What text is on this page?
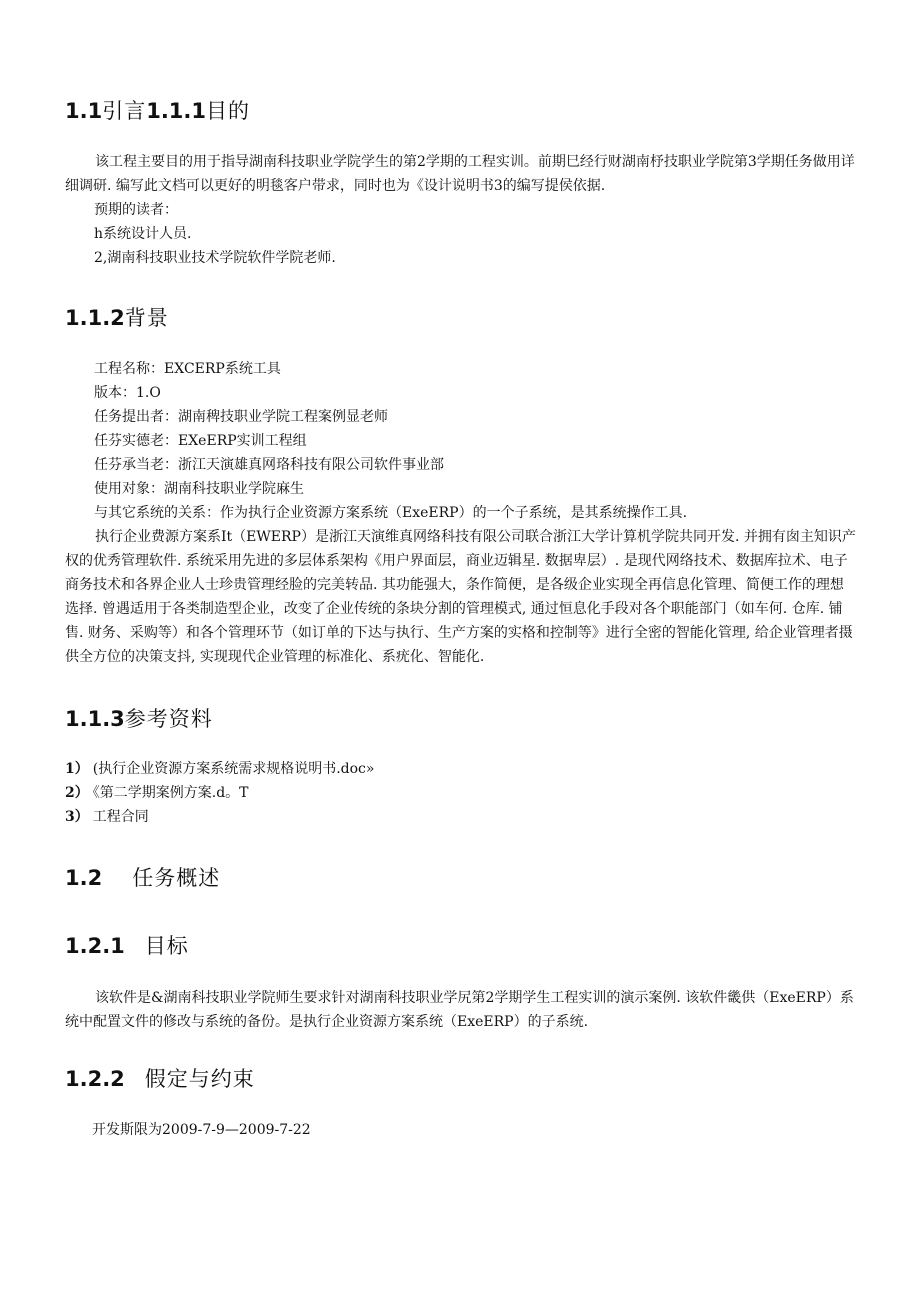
1.1引言1.1.1目的

该工程主要目的用于指导湖南科技职业学院学生的第2学期的工程实训。前期巳经行财湖南杼技职业学院第3学期任务做用详细调研. 编写此文档可以更好的明毯客户带求，同时也为《设计说明书3的编写提侯依据.

预期的读者：

h系统设计人员.

2,湖南科技职业技术学院软件学院老师.

1.1.2背景

工程名称：EXCERP系统工具

版本：1.O

任务提出者：湖南稗技职业学院工程案例显老师

任芬实德老：EXeERP实训工程组

任芬承当老：浙江天演雄真网珞科技有限公司软件事业部

使用对象：湖南科技职业学院麻生

与其它系统的关系：作为执行企业资源方案系统（ExeERP）的一个子系统，是其系统操作工具.

执行企业费源方案系It（EWERP）是浙江天演维真网络科技有限公司联合浙江大学计算机学院共同开发. 并拥有囱主知识产权的优秀管理软件. 系统采用先进的多层体系架构《用户界面层，商业迈辑星. 数据卑层）. 是现代网络技术、数据库拉术、电子商务技术和各界企业人士珍贵管理经脸的完美转品. 其功能强大，条作简便，是各级企业实现全再信息化管理、简便工作的理想选择. 曾遇适用于各类制造型企业，改变了企业传统的条块分割的管理模式, 通过恒息化手段对各个职能部门（如车何. 仓库. 铺售. 财务、采购等）和各个管理环节（如订单的下达与执行、生产方案的实格和控制等》进行全密的智能化管理, 给企业管理者摄供全方位的决策支抖, 实现现代企业管理的标准化、系疣化、智能化.

1.1.3参考资料

1） (执行企业资源方案系统需求规格说明书.doc»

2） 《第二学期案例方案.d。T

3） 工程合同

1.2 任务概述
1.2.1 目标

该软件是&湖南科技职业学院师生要求针对湖南科技职业学尻第2学期学生工程实训的演示案例. 该软件畿供（ExeERP）系统中配置文件的修改与系统的备份。是执行企业资源方案系统（ExeERP）的子系统.

1.2.2 假定与约束

开发斯限为2009-7-9—2009-7-22
